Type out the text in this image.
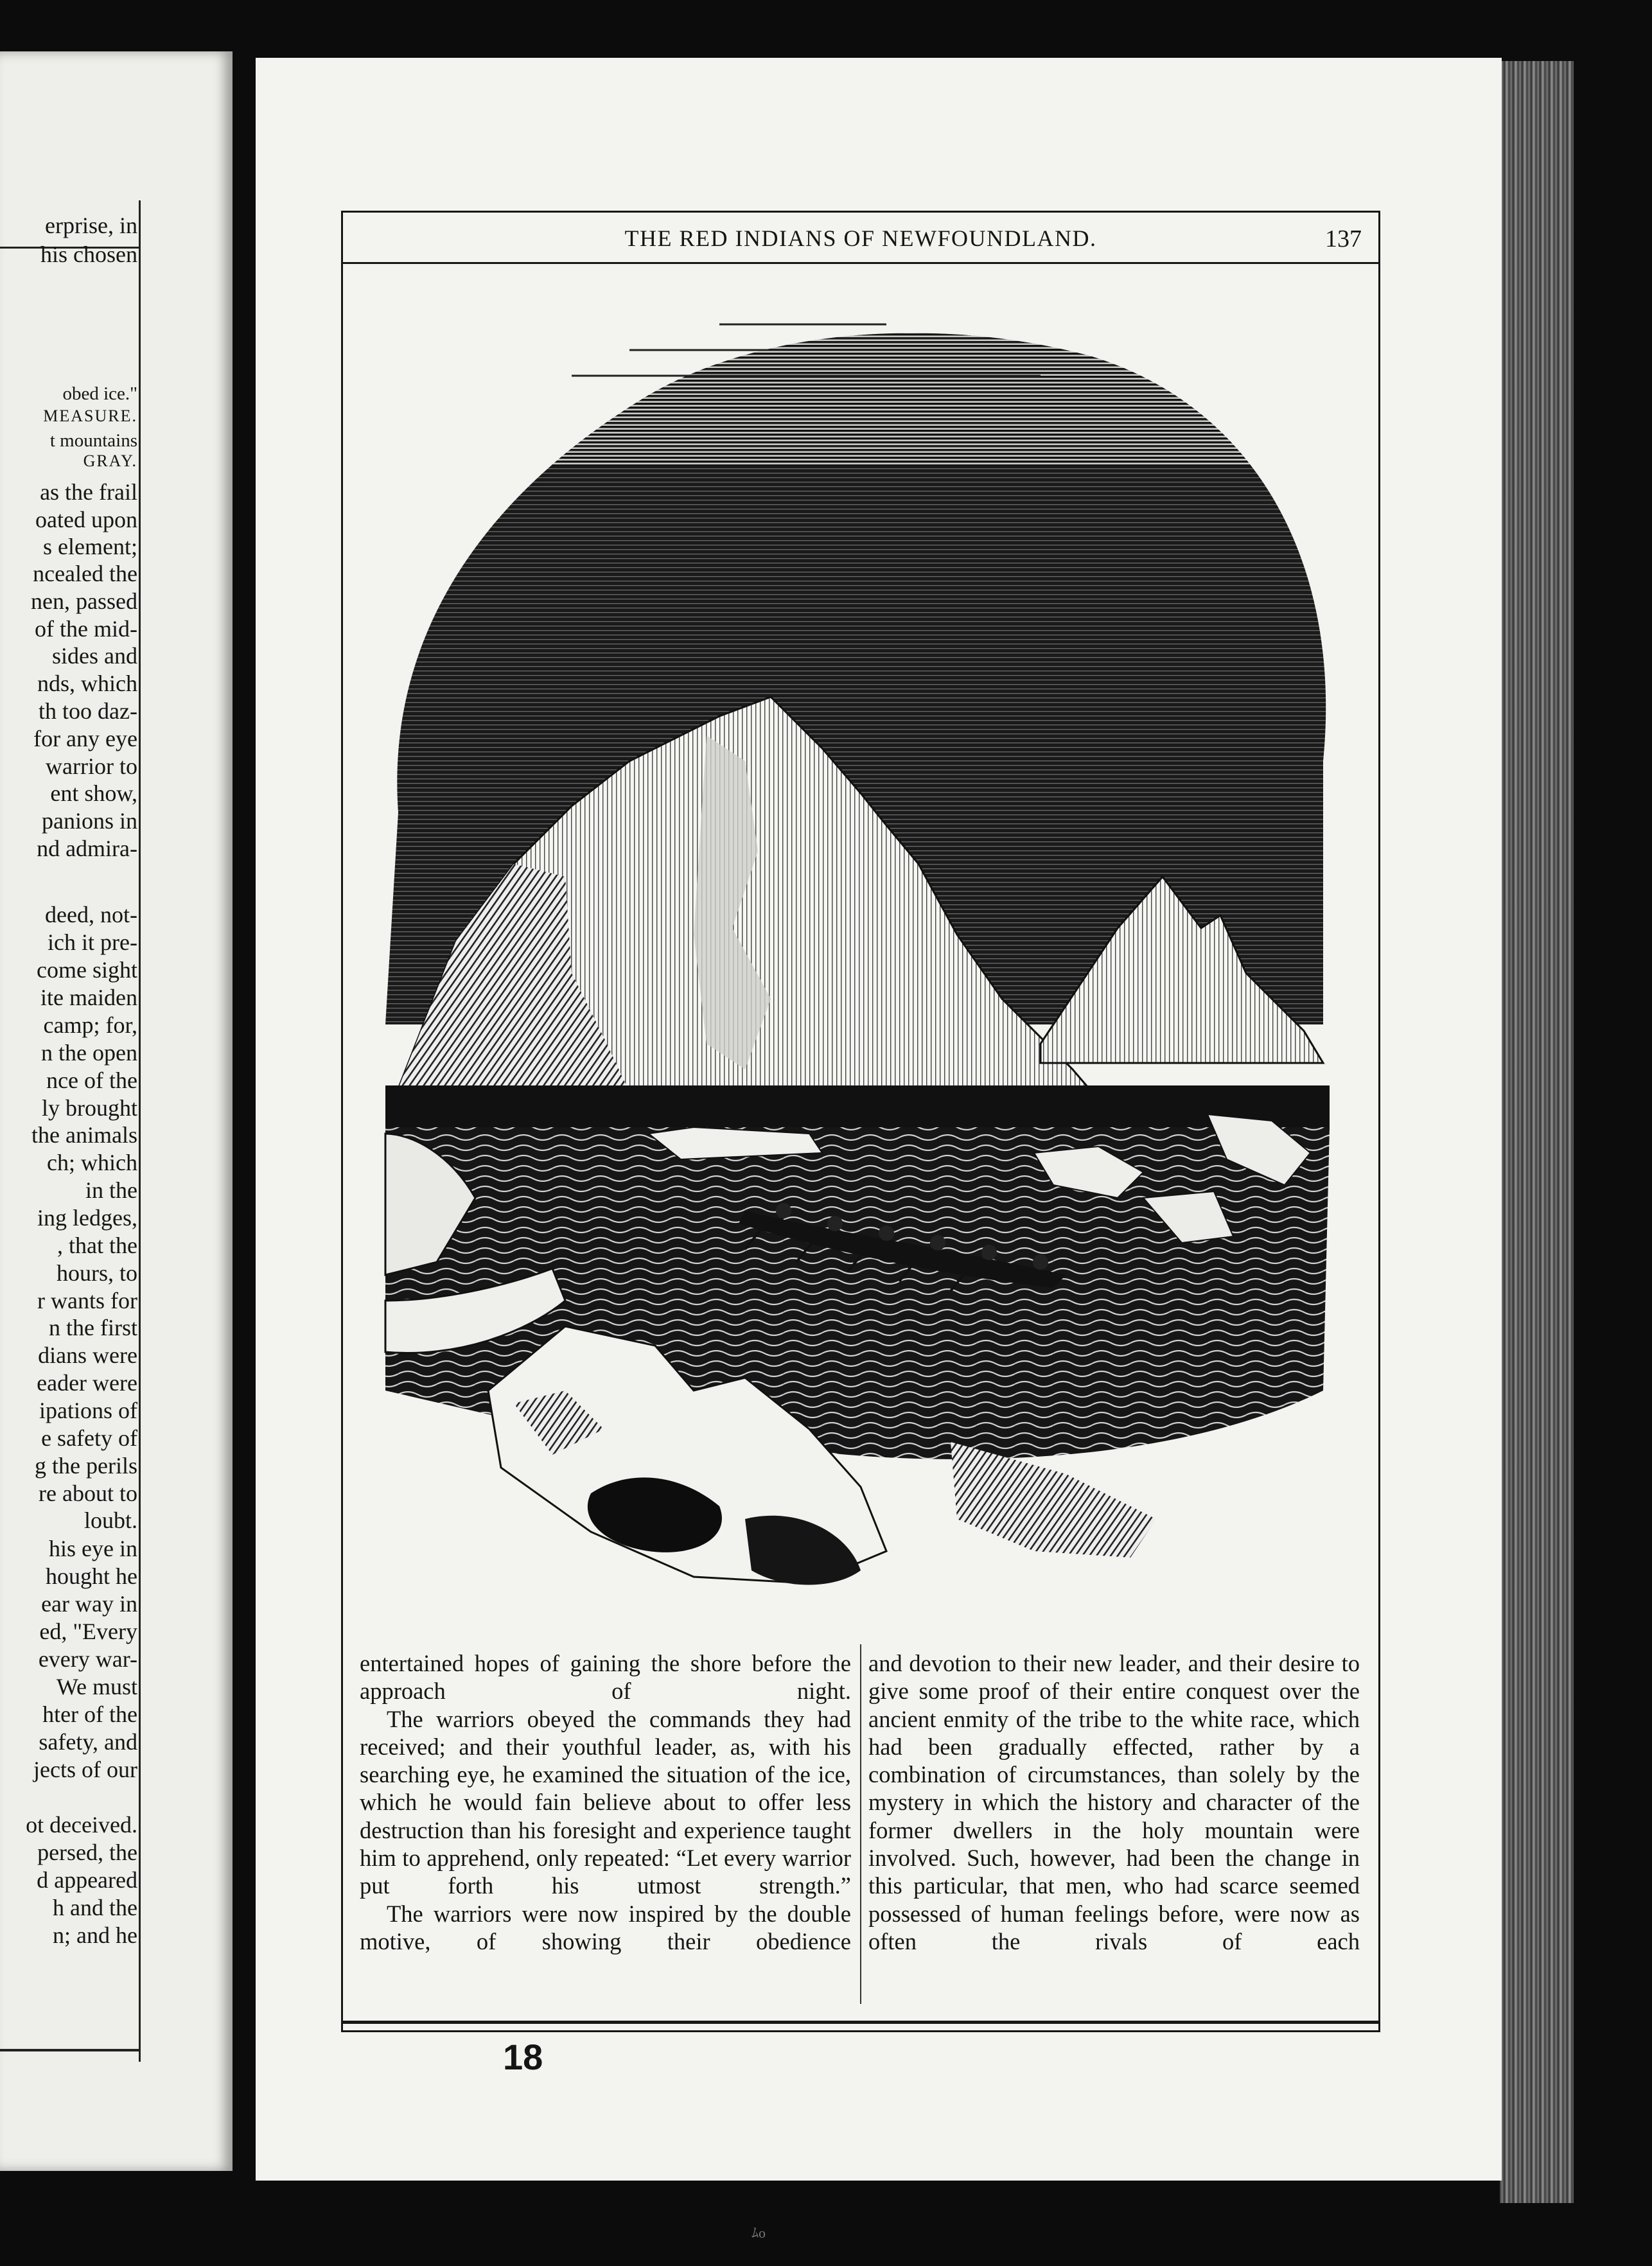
erprise, in

his chosen

obed ice."

MEASURE.

t mountains

GRAY.

as the frail

oated upon

s element;

ncealed the

nen, passed

of the mid-

sides and

nds, which

th too daz-

for any eye

warrior to

ent show,

panions in

nd admira-

deed, not-

ich it pre-

come sight

ite maiden

camp; for,

n the open

nce of the

ly brought

the animals

ch; which

in the

ing ledges,

, that the

hours, to

r wants for

n the first

dians were

eader were

ipations of

e safety of

g the perils

re about to

loubt.

his eye in

hought he

ear way in

ed, "Every

every war-

We must

hter of the

safety, and

jects of our

ot deceived.

persed, the

d appeared

h and the

n; and he

THE RED INDIANS OF NEWFOUNDLAND.	137

entertained hopes of gaining the shore before the approach of night.

The warriors obeyed the commands they had received; and their youthful leader, as, with his searching eye, he examined the situation of the ice, which he would fain believe about to offer less destruction than his foresight and experience taught him to apprehend, only repeated: “Let every warrior put forth his utmost strength.”

The warriors were now inspired by the double motive, of showing their obedience

and devotion to their new leader, and their desire to give some proof of their entire conquest over the ancient enmity of the tribe to the white race, which had been gradually effected, rather by a combination of circumstances, than solely by the mystery in which the history and character of the former dwellers in the holy mountain were involved. Such, however, had been the change in this particular, that men, who had scarce seemed possessed of human feelings before, were now as often the rivals of each

18

ﾑo
